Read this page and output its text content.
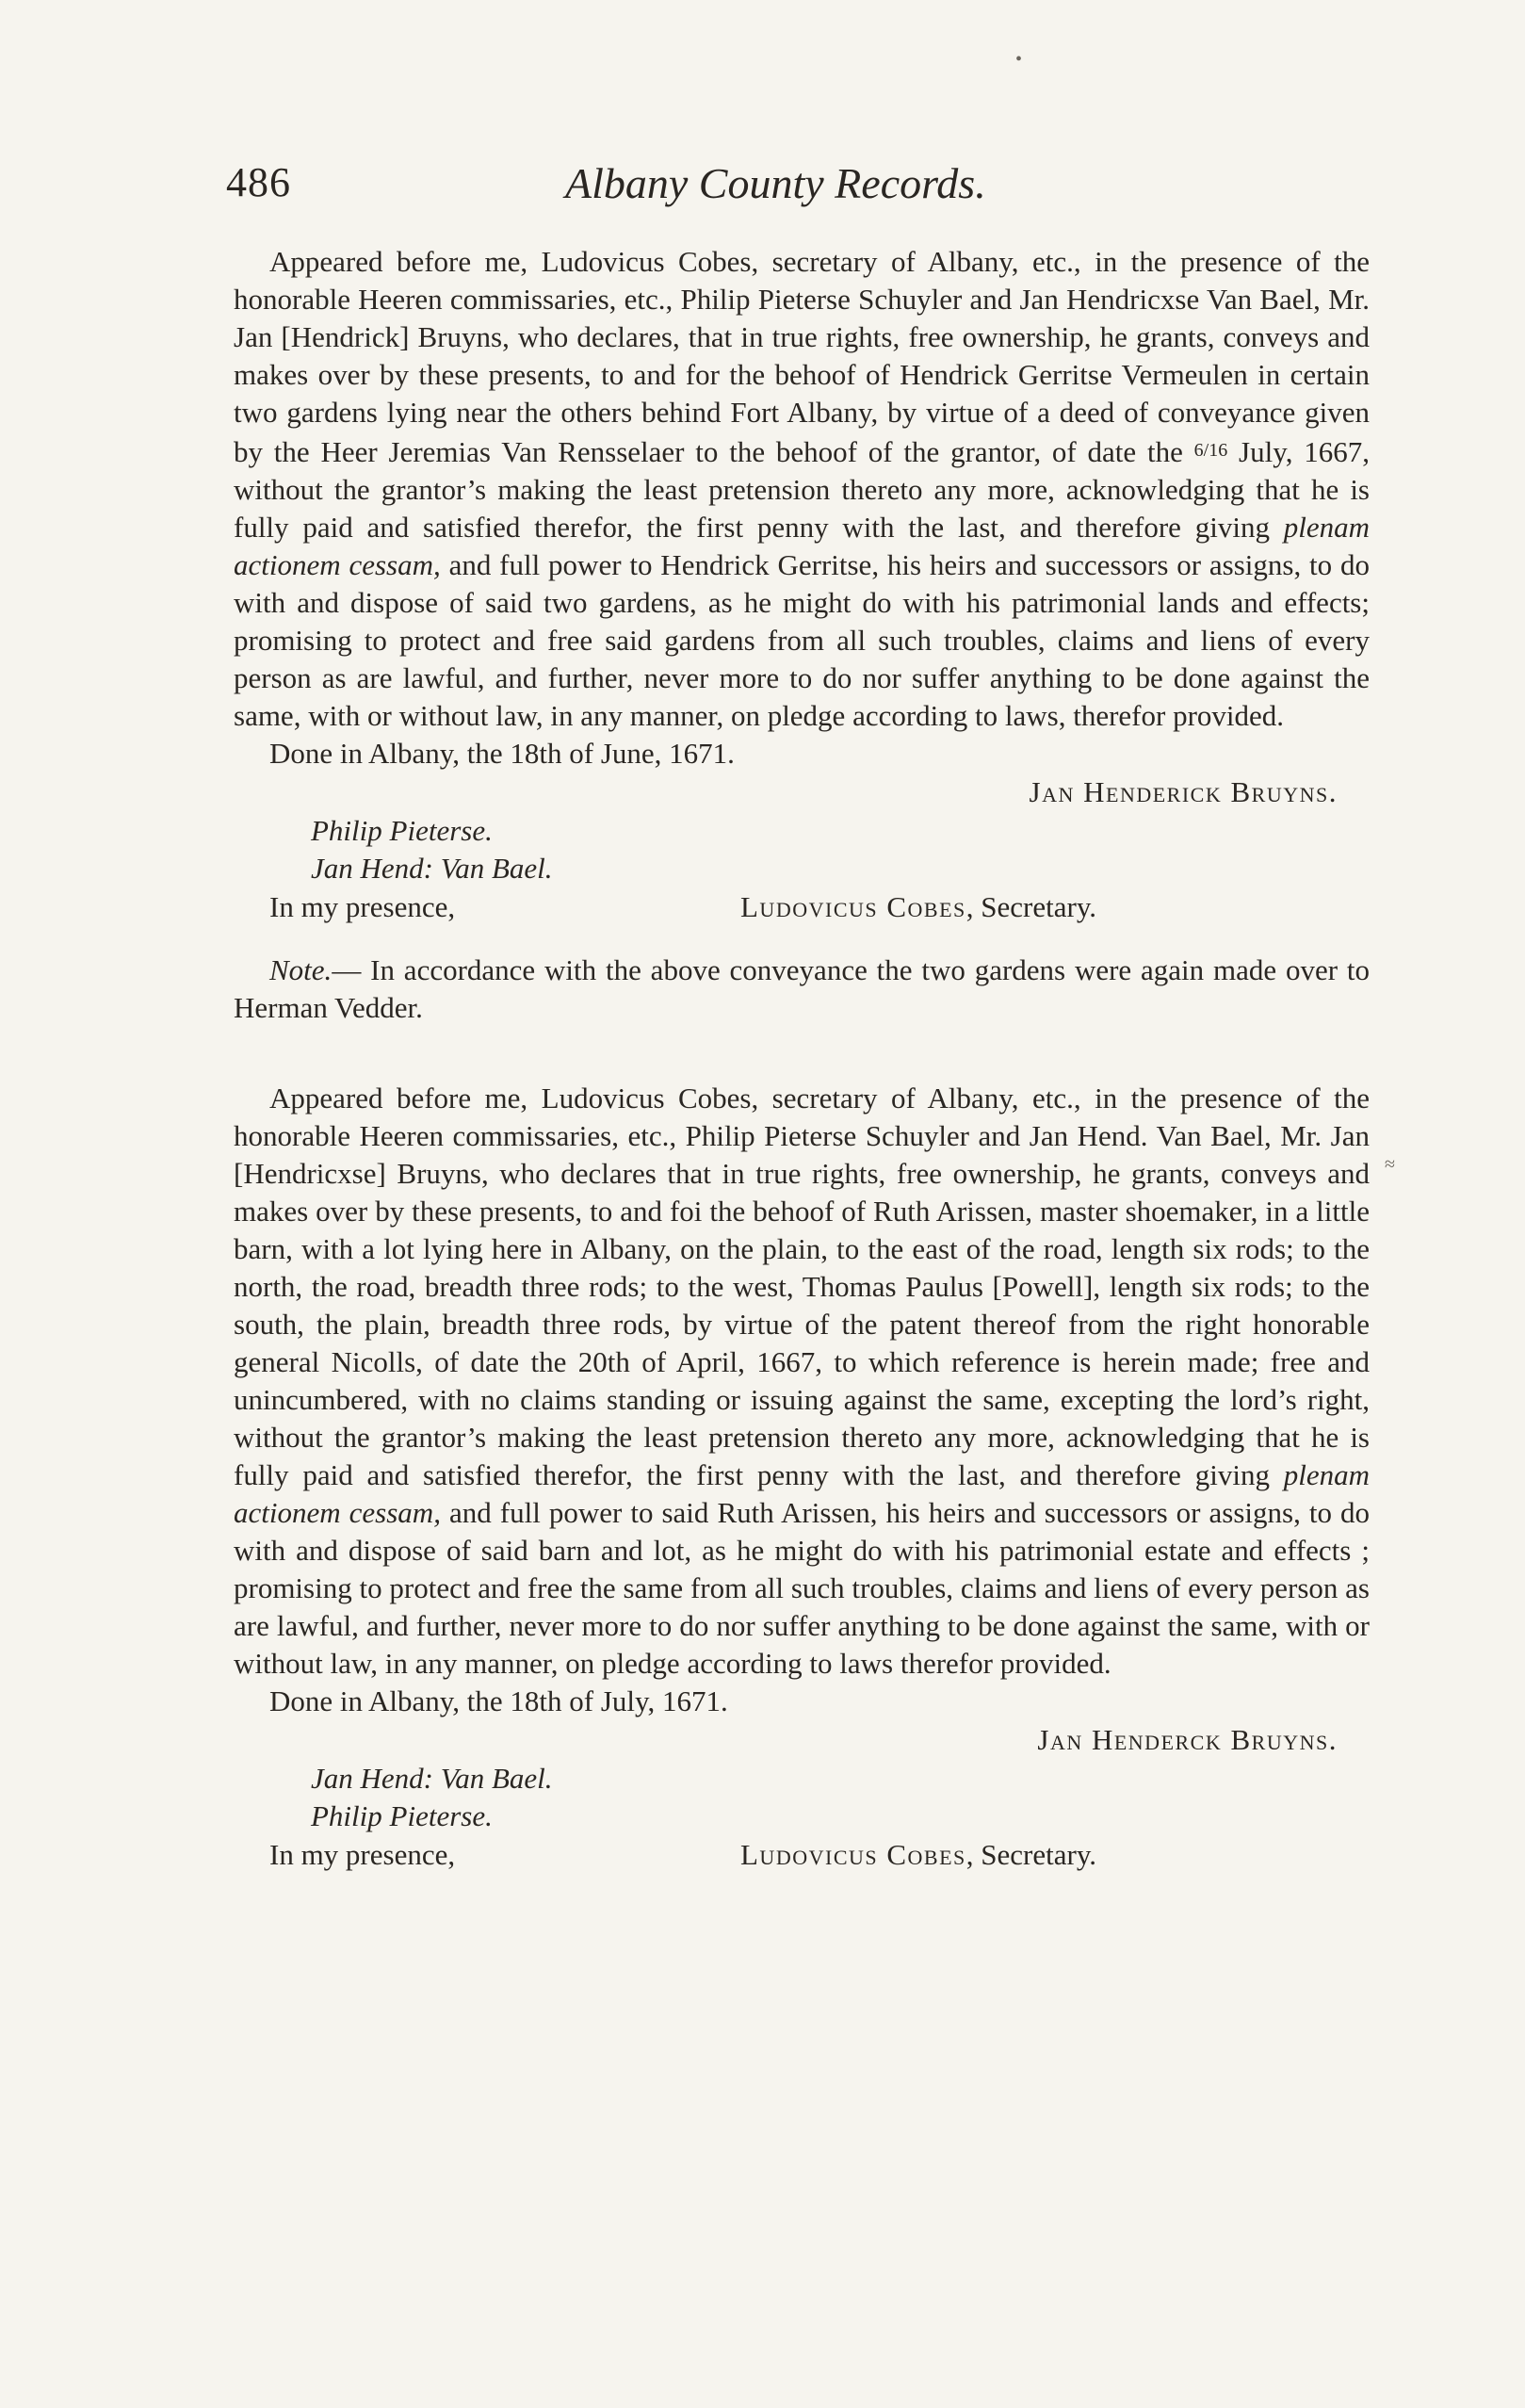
•
≈
486	Albany County Records.

Appeared before me, Ludovicus Cobes, secretary of Albany, etc., in the presence of the honorable Heeren commissaries, etc., Philip Pieterse Schuyler and Jan Hendricxse Van Bael, Mr. Jan [Hendrick] Bruyns, who declares, that in true rights, free ownership, he grants, conveys and makes over by these presents, to and for the behoof of Hendrick Gerritse Vermeulen in certain two gardens lying near the others behind Fort Albany, by virtue of a deed of conveyance given by the Heer Jeremias Van Rensselaer to the behoof of the grantor, of date the 6/16 July, 1667, without the grantor’s making the least pretension thereto any more, acknowledging that he is fully paid and satisfied therefor, the first penny with the last, and therefore giving plenam actionem cessam, and full power to Hendrick Gerritse, his heirs and successors or assigns, to do with and dispose of said two gardens, as he might do with his patrimonial lands and effects; promising to protect and free said gardens from all such troubles, claims and liens of every person as are lawful, and further, never more to do nor suffer anything to be done against the same, with or without law, in any manner, on pledge according to laws, therefor provided.

Done in Albany, the 18th of June, 1671.

Jan Henderick Bruyns.
Philip Pieterse.
Jan Hend: Van Bael.
In my presence,	Ludovicus Cobes, Secretary.

Note.— In accordance with the above conveyance the two gardens were again made over to Herman Vedder.

Appeared before me, Ludovicus Cobes, secretary of Albany, etc., in the presence of the honorable Heeren commissaries, etc., Philip Pieterse Schuyler and Jan Hend. Van Bael, Mr. Jan [Hendricxse] Bruyns, who declares that in true rights, free ownership, he grants, conveys and makes over by these presents, to and foi the behoof of Ruth Arissen, master shoemaker, in a little barn, with a lot lying here in Albany, on the plain, to the east of the road, length six rods; to the north, the road, breadth three rods; to the west, Thomas Paulus [Powell], length six rods; to the south, the plain, breadth three rods, by virtue of the patent thereof from the right honorable general Nicolls, of date the 20th of April, 1667, to which reference is herein made; free and unincumbered, with no claims standing or issuing against the same, excepting the lord’s right, without the grantor’s making the least pretension thereto any more, acknowledging that he is fully paid and satisfied therefor, the first penny with the last, and therefore giving plenam actionem cessam, and full power to said Ruth Arissen, his heirs and successors or assigns, to do with and dispose of said barn and lot, as he might do with his patrimonial estate and effects ; promising to protect and free the same from all such troubles, claims and liens of every person as are lawful, and further, never more to do nor suffer anything to be done against the same, with or without law, in any manner, on pledge according to laws therefor provided.

Done in Albany, the 18th of July, 1671.

Jan Henderck Bruyns.
Jan Hend: Van Bael.
Philip Pieterse.
In my presence,	Ludovicus Cobes, Secretary.
